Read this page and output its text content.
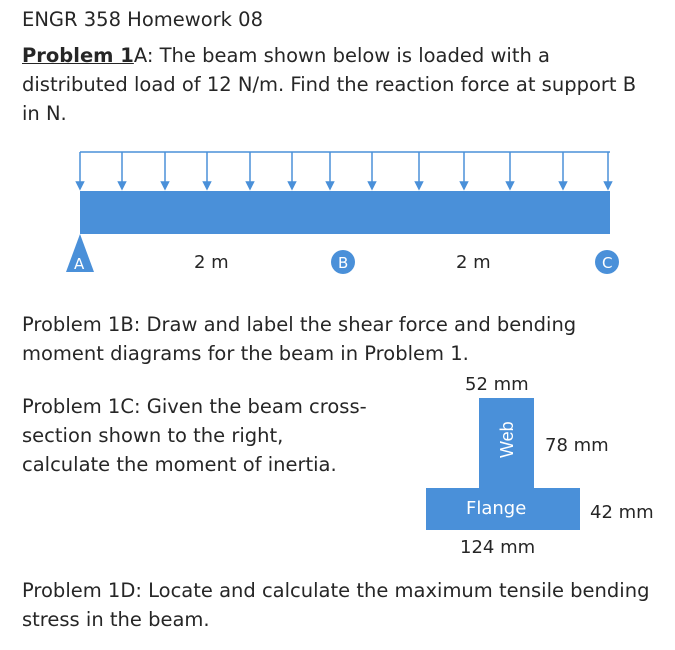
ENGR 358 Homework 08
Problem 1A: The beam shown below is loaded with a distributed load of 12 N/m. Find the reaction force at support B in N.
A	B	C
2 m	2 m
Problem 1B: Draw and label the shear force and bending moment diagrams for the beam in Problem 1.
Problem 1C: Given the beam cross-section shown to the right, calculate the moment of inertia.
Web
52 mm
78 mm
Flange	42 mm
124 mm
Problem 1D: Locate and calculate the maximum tensile bending stress in the beam.
